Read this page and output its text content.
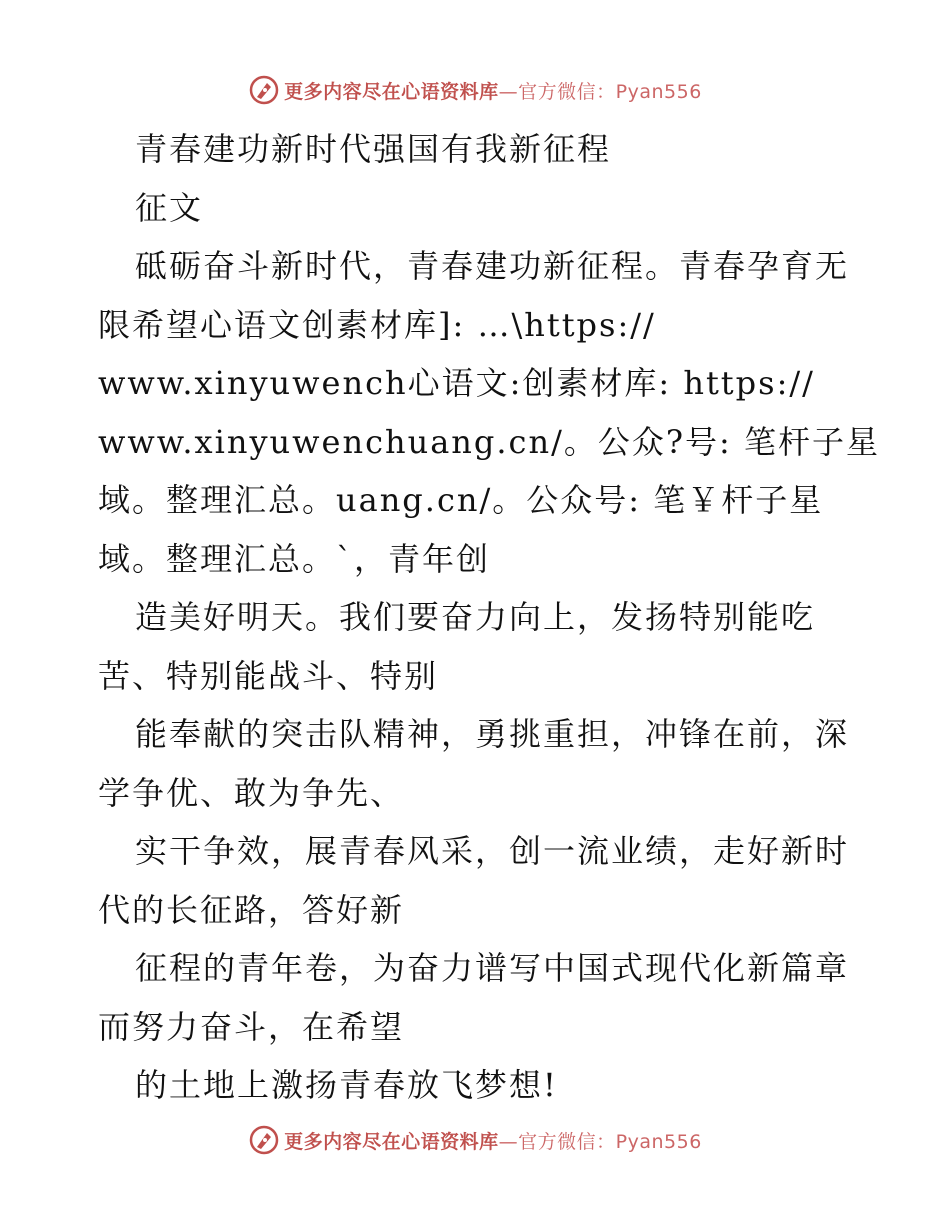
更多内容尽在心语资料库—官方微信：Pyan556
青春建功新时代强国有我新征程
征文
砥砺奋斗新时代，青春建功新征程。青春孕育无
限希望心语文创素材库]: …\https://
www.xinyuwench心语文:创素材库: https://
www.xinyuwenchuang.cn/。公众?号: 笔杆子星
域。整理汇总。uang.cn/。公众号: 笔￥杆子星
域。整理汇总。`，青年创
造美好明天。我们要奋力向上，发扬特别能吃
苦、特别能战斗、特别
能奉献的突击队精神，勇挑重担，冲锋在前，深
学争优、敢为争先、
实干争效，展青春风采，创一流业绩，走好新时
代的长征路，答好新
征程的青年卷，为奋力谱写中国式现代化新篇章
而努力奋斗，在希望
的土地上激扬青春放飞梦想!
更多内容尽在心语资料库—官方微信：Pyan556
